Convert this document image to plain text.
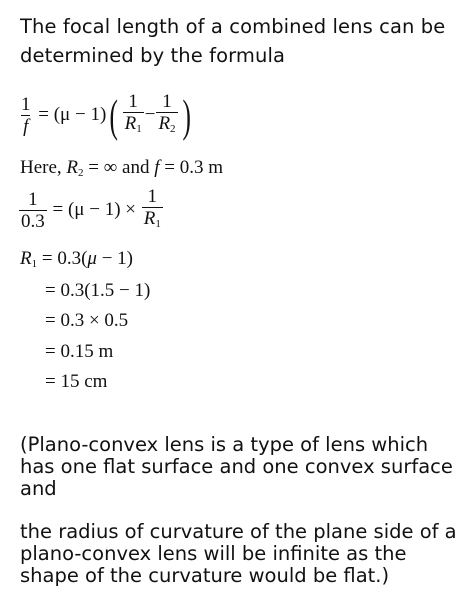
The focal length of a combined lens can be determined by the formula
$\frac{1}{f} = (\mu - 1)( \frac{1}{R_1} - \frac{1}{R_2}$ )
Here, $R_2$ = ∞ and f = 0.3 m
$\frac{1}{0.3} = (\mu - 1) \times \frac{1}{R_1}$
$R_1 = 0.3(\mu - 1)$
= 0.3(1.5 − 1)
= 0.3 × 0.5
= 0.15 m
= 15 cm
(Plano-convex lens is a type of lens which has one flat surface and one convex surface and
the radius of curvature of the plane side of a plano-convex lens will be infinite as the shape of the curvature would be flat.)
